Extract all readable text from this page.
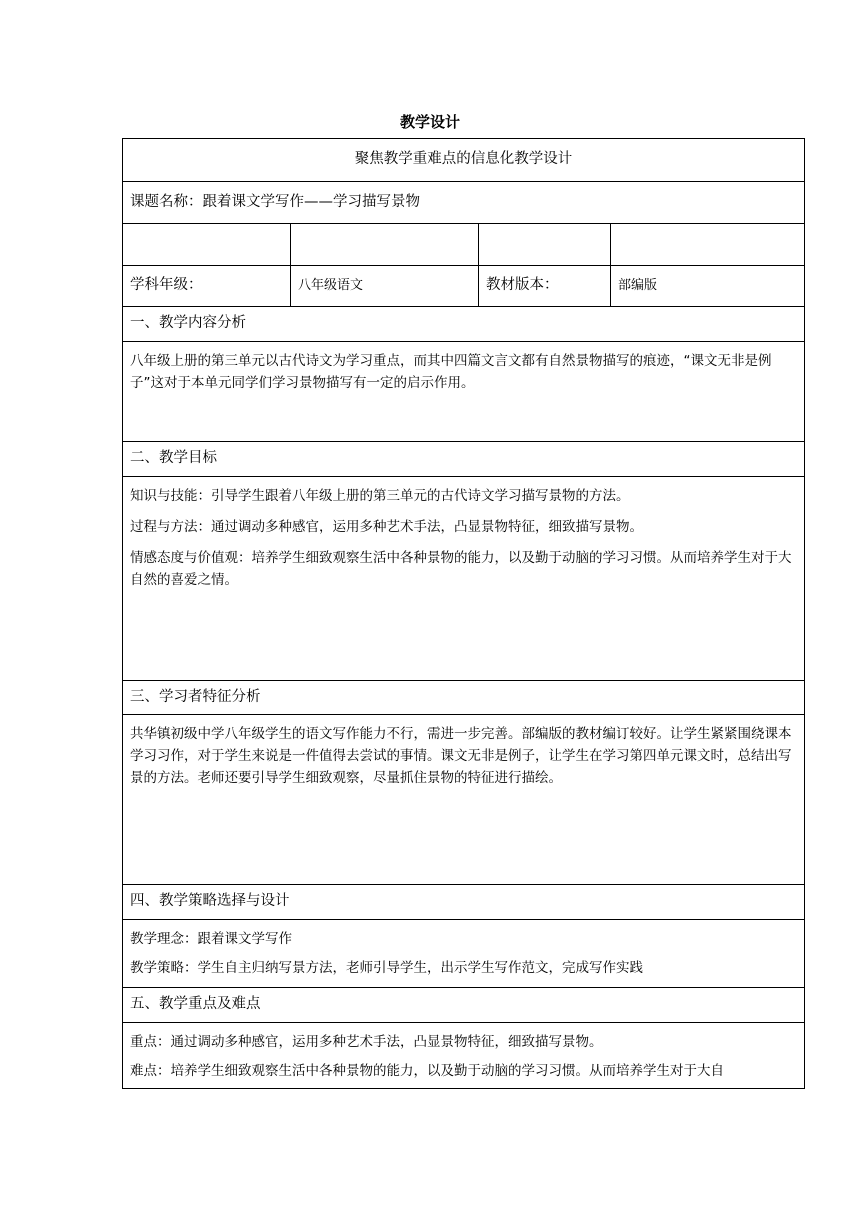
教学设计
聚焦教学重难点的信息化教学设计			
课题名称：跟着课文学写作——学习描写景物			

学科年级：	八年级语文	教材版本：	部编版
一、教学内容分析			

八年级上册的第三单元以古代诗文为学习重点，而其中四篇文言文都有自然景物描写的痕迹，“课文无非是例子”这对于本单元同学们学习景物描写有一定的启示作用。			

二、教学目标			

知识与技能：引导学生跟着八年级上册的第三单元的古代诗文学习描写景物的方法。

过程与方法：通过调动多种感官，运用多种艺术手法，凸显景物特征，细致描写景物。

情感态度与价值观：培养学生细致观察生活中各种景物的能力，以及勤于动脑的学习习惯。从而培养学生对于大自然的喜爱之情。			

三、学习者特征分析			

共华镇初级中学八年级学生的语文写作能力不行，需进一步完善。部编版的教材编订较好。让学生紧紧围绕课本学习习作，对于学生来说是一件值得去尝试的事情。课文无非是例子，让学生在学习第四单元课文时，总结出写景的方法。老师还要引导学生细致观察，尽量抓住景物的特征进行描绘。			

四、教学策略选择与设计			

教学理念：跟着课文学写作

教学策略：学生自主归纳写景方法，老师引导学生，出示学生写作范文，完成写作实践			

五、教学重点及难点			

重点：通过调动多种感官，运用多种艺术手法，凸显景物特征，细致描写景物。

难点：培养学生细致观察生活中各种景物的能力，以及勤于动脑的学习习惯。从而培养学生对于大自			
